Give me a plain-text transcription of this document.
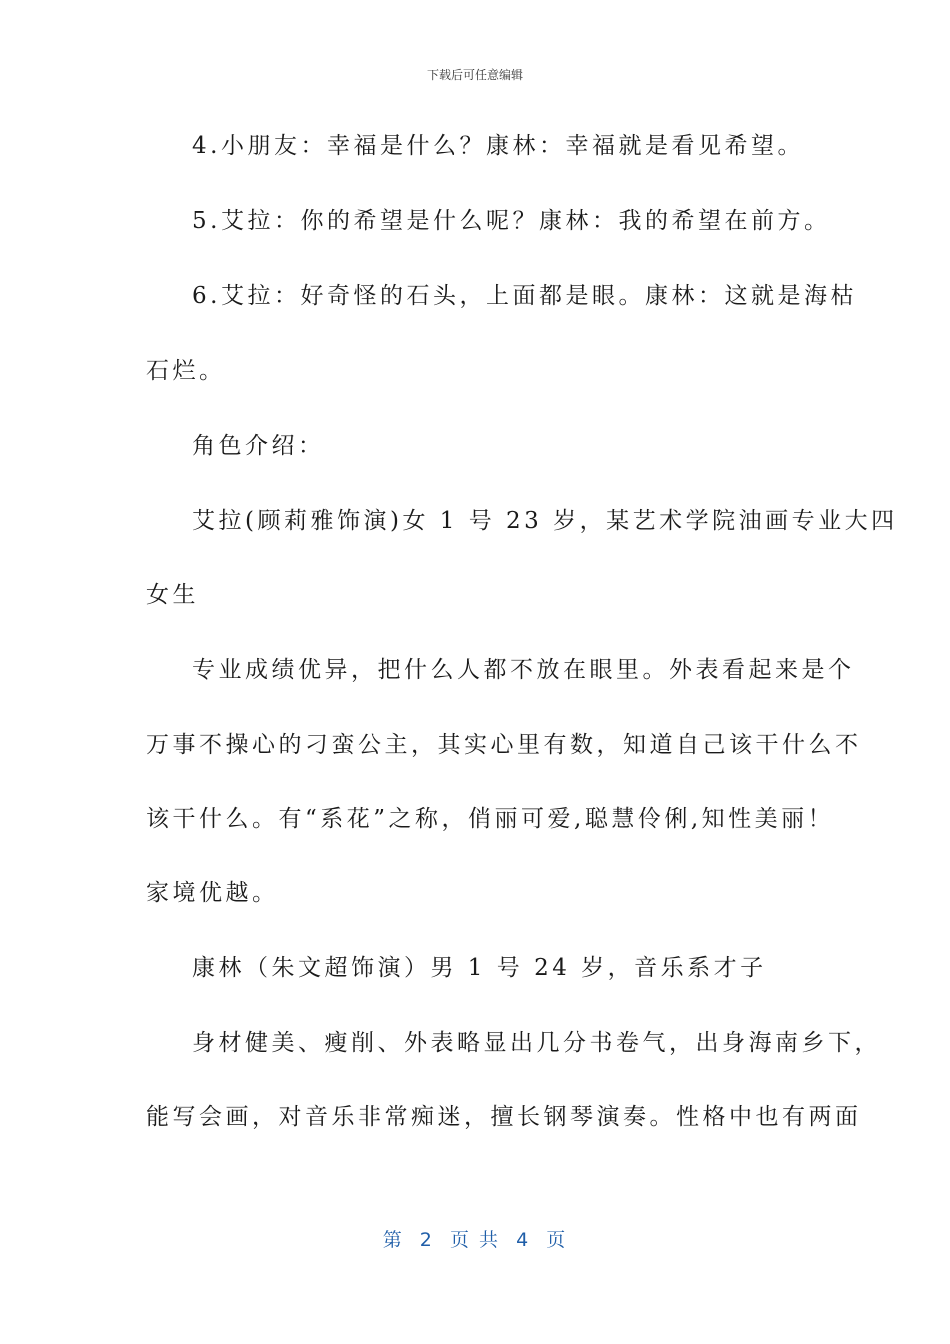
下载后可任意编辑
4.小朋友：幸福是什么？康林：幸福就是看见希望。
5.艾拉：你的希望是什么呢？康林：我的希望在前方。
6.艾拉：好奇怪的石头，上面都是眼。康林：这就是海枯
石烂。
角色介绍：
艾拉(顾莉雅饰演)女 1 号 23 岁，某艺术学院油画专业大四
女生
专业成绩优异，把什么人都不放在眼里。外表看起来是个
万事不操心的刁蛮公主，其实心里有数，知道自己该干什么不
该干什么。有“系花”之称，俏丽可爱,聪慧伶俐,知性美丽！
家境优越。
康林（朱文超饰演）男 1 号 24 岁，音乐系才子
身材健美、瘦削、外表略显出几分书卷气，出身海南乡下，
能写会画，对音乐非常痴迷，擅长钢琴演奏。性格中也有两面
第  2  页 共  4  页
